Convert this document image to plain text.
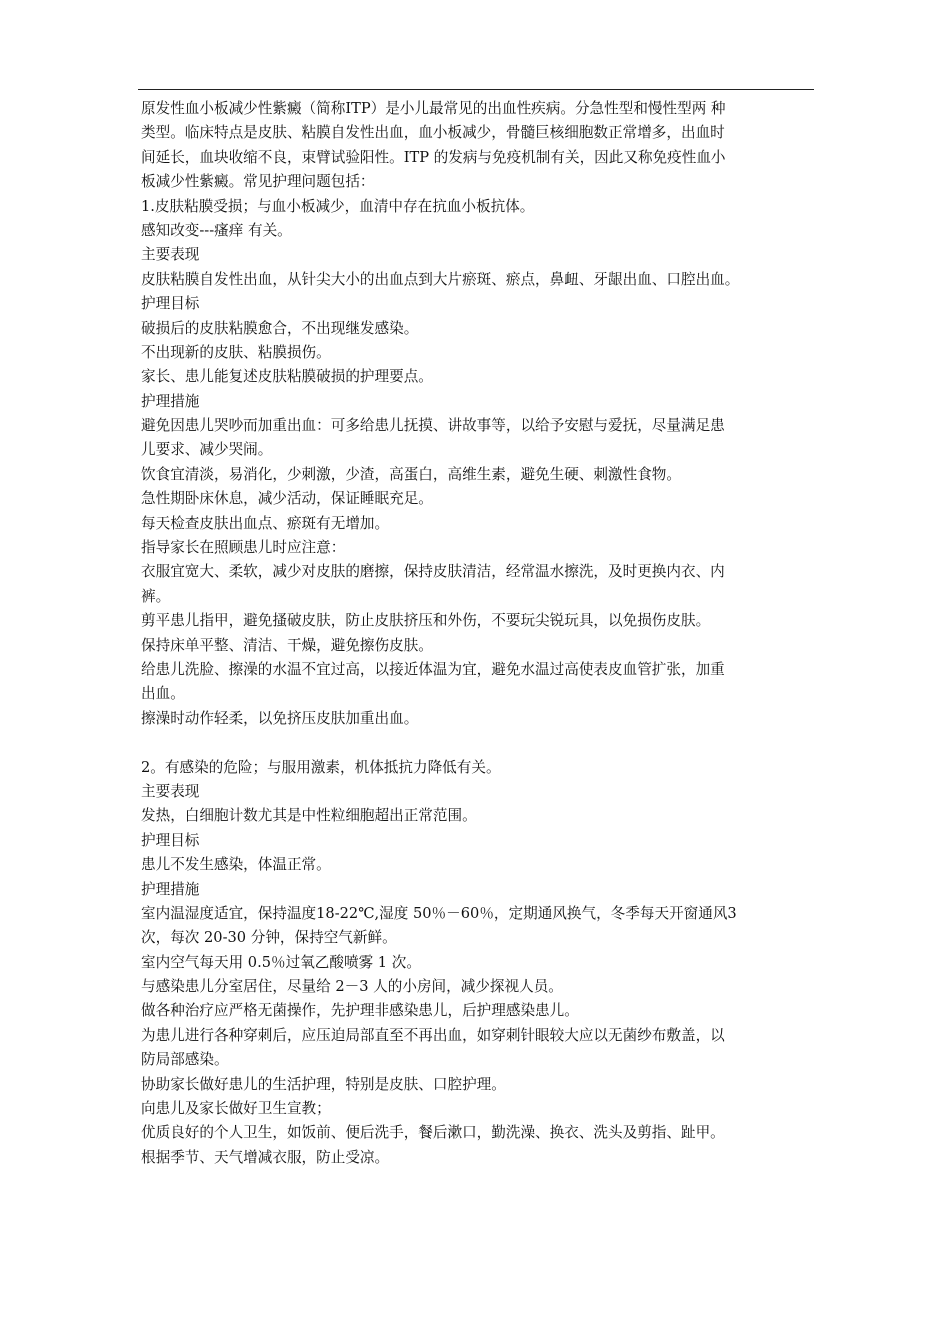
原发性血小板减少性紫癜（简称ITP）是小儿最常见的出血性疾病。分急性型和慢性型两 种
类型。临床特点是皮肤、粘膜自发性出血，血小板减少，骨髓巨核细胞数正常增多，出血时
间延长，血块收缩不良，束臂试验阳性。ITP 的发病与免疫机制有关，因此又称免疫性血小
板减少性紫癜。常见护理问题包括：
1.皮肤粘膜受损；与血小板减少，血清中存在抗血小板抗体。
感知改变---瘙痒 有关。
主要表现
皮肤粘膜自发性出血，从针尖大小的出血点到大片瘀斑、瘀点，鼻衄、牙龈出血、口腔出血。
护理目标
破损后的皮肤粘膜愈合，不出现继发感染。
不出现新的皮肤、粘膜损伤。
家长、患儿能复述皮肤粘膜破损的护理要点。
护理措施
避免因患儿哭吵而加重出血：可多给患儿抚摸、讲故事等，以给予安慰与爱抚，尽量满足患
儿要求、减少哭闹。
饮食宜清淡，易消化，少刺激，少渣，高蛋白，高维生素，避免生硬、刺激性食物。
急性期卧床休息，减少活动，保证睡眠充足。
每天检查皮肤出血点、瘀斑有无增加。
指导家长在照顾患儿时应注意：
衣服宜宽大、柔软，减少对皮肤的磨擦，保持皮肤清洁，经常温水擦洗，及时更换内衣、内
裤。
剪平患儿指甲，避免搔破皮肤，防止皮肤挤压和外伤，不要玩尖锐玩具，以免损伤皮肤。
保持床单平整、清洁、干燥，避免擦伤皮肤。
给患儿洗脸、擦澡的水温不宜过高，以接近体温为宜，避免水温过高使表皮血管扩张，加重
出血。
擦澡时动作轻柔，以免挤压皮肤加重出血。
2。有感染的危险；与服用激素，机体抵抗力降低有关。
主要表现
发热，白细胞计数尤其是中性粒细胞超出正常范围。
护理目标
患儿不发生感染，体温正常。
护理措施
室内温湿度适宜，保持温度18-22℃,湿度 50％－60％，定期通风换气，冬季每天开窗通风3
次，每次 20-30 分钟，保持空气新鲜。
室内空气每天用 0.5％过氧乙酸喷雾 1 次。
与感染患儿分室居住，尽量给 2－3 人的小房间，减少探视人员。
做各种治疗应严格无菌操作，先护理非感染患儿，后护理感染患儿。
为患儿进行各种穿刺后，应压迫局部直至不再出血，如穿刺针眼较大应以无菌纱布敷盖，以
防局部感染。
协助家长做好患儿的生活护理，特别是皮肤、口腔护理。
向患儿及家长做好卫生宣教；
优质良好的个人卫生，如饭前、便后洗手，餐后漱口，勤洗澡、换衣、洗头及剪指、趾甲。
根据季节、天气增减衣服，防止受凉。
